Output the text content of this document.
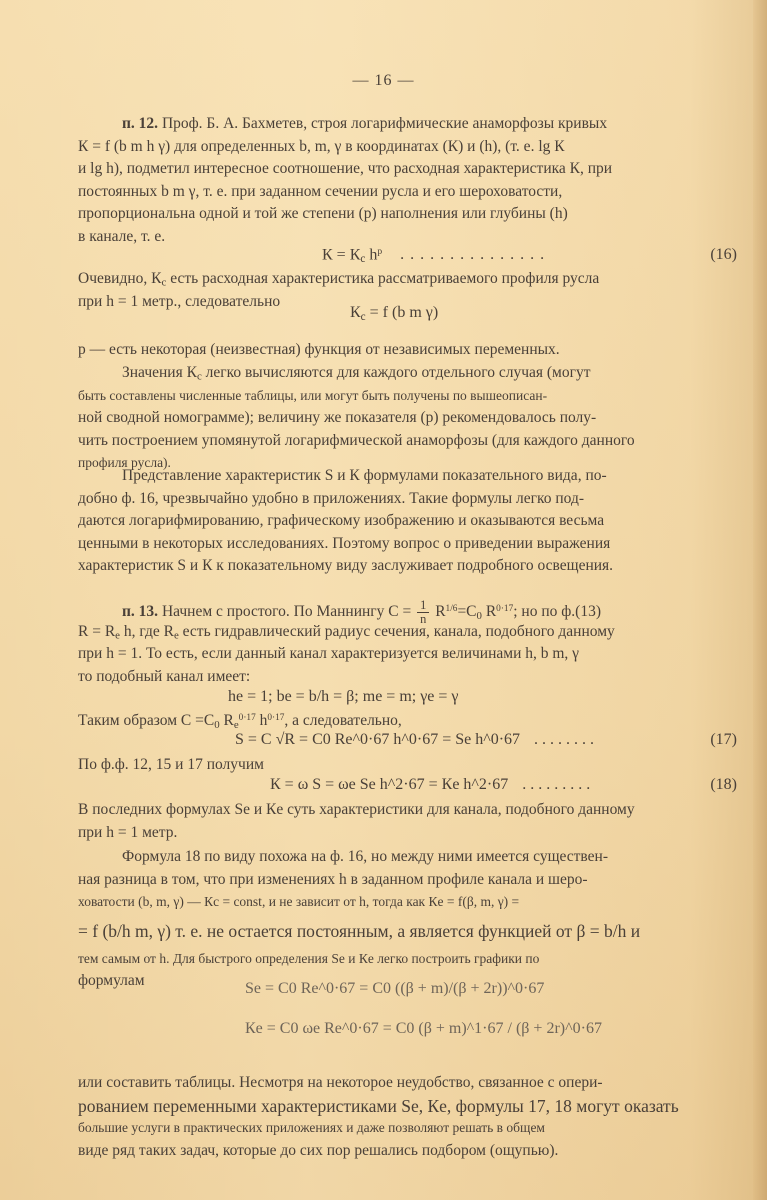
— 16 —
п. 12. Проф. Б. А. Бахметев, строя логарифмические анаморфозы кривых
К = f (b m h γ) для определенных b, m, γ в координатах (К) и (h), (т. е. lg К
и lg h), подметил интересное соотношение, что расходная характеристика К, при
постоянных b m γ, т. е. при заданном сечении русла и его шероховатости,
пропорциональна одной и той же степени (р) наполнения или глубины (h)
в канале, т. е.
$К = К_c$ $h^p$ . . . . . . . . . . . . . . .	(16)
Очевидно, $К_c$ есть расходная характеристика рассматриваемого профиля русла
при h = 1 метр., следовательно
$К_c = f$ (b m γ)
р — есть некоторая (неизвестная) функция от независимых переменных.
Значения $К_c$ легко вычисляются для каждого отдельного случая (могут
быть составлены численные таблицы, или могут быть получены по вышеописан-
ной сводной номограмме); величину же показателя (р) рекомендовалось полу-
чить построением упомянутой логарифмической анаморфозы (для каждого данного
профиля русла).
Представление характеристик S и К формулами показательного вида, по-
добно ф. 16, чрезвычайно удобно в приложениях. Такие формулы легко под-
даются логарифмированию, графическому изображению и оказываются весьма
ценными в некоторых исследованиях. Поэтому вопрос о приведении выражения
характеристик S и К к показательному виду заслуживает подробного освещения.
п. 13. Начнем с простого. По Маннингу $C = \frac{1}{n} R^{1/6}=C_0$ $R^{0\cdot 17}$; но по ф.(13)
$R = R_e$ h, где $R_e$ есть гидравлический радиус сечения, канала, подобного данному
при h = 1. То есть, если данный канал характеризуется величинами h, b m, γ
то подобный канал имеет:
he = 1; be = b/h = β; me = m; γe = γ
Таким образом $C =C_0$ $R_e^{0\cdot 17}$ $h^{0\cdot 17}$, а следовательно,
S = C √R = C0 Re^0·67 h^0·67 = Se h^0·67 . . . . . . . .	(17)
По ф.ф. 12, 15 и 17 получим
К = ω S = ωe Se h^2·67 = Кe h^2·67 . . . . . . . . .	(18)
В последних формулах Se и Кe суть характеристики для канала, подобного данному
при h = 1 метр.
Формула 18 по виду похожа на ф. 16, но между ними имеется существен-
ная разница в том, что при изменениях h в заданном профиле канала и шеро-
ховатости (b, m, γ) — Кc = const, и не зависит от h, тогда как Кe = f(β, m, γ) =
= f (b/h m, γ) т. е. не остается постоянным, а является функцией от β = b/h и
тем самым от h. Для быстрого определения Se и Кe легко построить графики по
формулам	Se = C0 Re^0·67 = C0 ((β + m)/(β + 2r))^0·67
Кe = C0 ωe Re^0·67 = C0 (β + m)^1·67 / (β + 2r)^0·67
или составить таблицы. Несмотря на некоторое неудобство, связанное с опери-
рованием переменными характеристиками Se, Кe, формулы 17, 18 могут оказать
большие услуги в практических приложениях и даже позволяют решать в общем
виде ряд таких задач, которые до сих пор решались подбором (ощупью).
